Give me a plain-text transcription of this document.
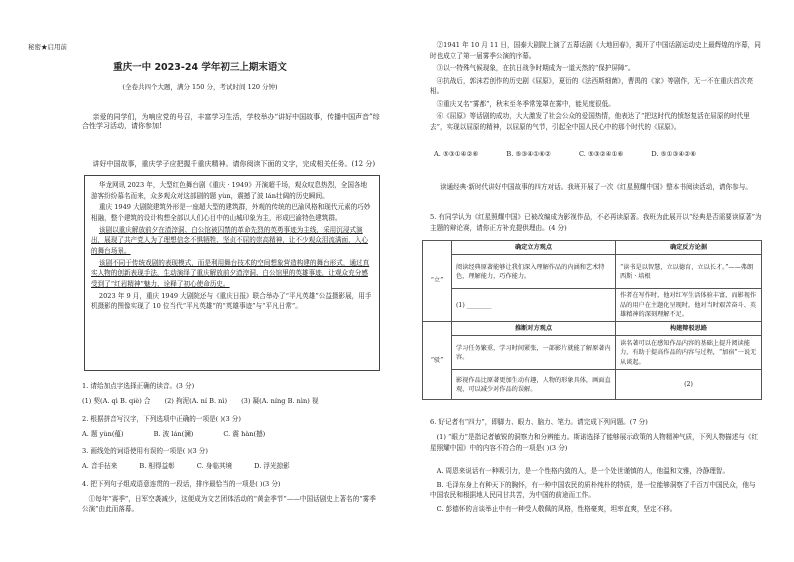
秘密★启用前
重庆一中 2023-24 学年初三上期末语文
(全卷共四个大题，满分 150 分，考试时间 120 分钟)

亲爱的同学们，为响应党的号召，丰富学习生活，学校举办“讲好中国故事，传播中国声音”综合性学习活动，请你参加!

讲好中国故事，重庆学子应把握千重庆精神。请你阅读下面的文字，完成相关任务。(12 分)

华龙网讯 2023 年，大型红色舞台剧《重庆 · 1949》开演超千场，观众叹息热烈，全国各地游客纷纷慕名而来，众多观众对这部剧的题 yùn，震撼了波 lán壮阔的历史瞬间。

重庆 1949 大剧院建筑外形是一座超大型的建筑群，外观的传统的巴渝风格和现代元素的巧妙相融，整个建筑的设计构想全部以人们心目中的山城印象为主，形成巴渝特色建筑群。

该剧以重庆解放前夕在渣滓洞、白公馆被囚禁的革命先烈的英勇事迹为主线，采用沉浸式演出，展现了共产党人为了理想信念不惧牺牲、坚贞不屈的崇高精神，让不少观众泪流满面，入心的舞台场景。

该剧不同于传统戏剧的表现模式，而是利用舞台技术的空间想象营造构建的舞台形式，通过真实人物的创新表现手法，生动演绎了重庆解放前夕渣滓洞、白公馆里的英雄事迹，让观众充分感受到了“红岩精神”魅力，诠释了初心使命历史。

2023 年 9 月，重庆 1949 大剧院还与《重庆日报》联合举办了“平凡英雄”公益摄影展，用手机摄影的图像实现了 10 位当代“平凡英雄”的“英雄事迹”与“平凡日常”。

1. 请给加点字选择正确的读音。(3 分)
(1) 契(A. qì B. qiè) 合 (2) 拘泥(A. ní B. nì) (3) 凝(A. níng B. nìn) 视
2. 根据拼音写汉字，下列选项中正确的一项是( )(3 分)
A. 题 yùn(蕴)	B. 波 lán(澜)	C. 震 hàn(撼)
3. 画线处的词语使用有误的一项是( )(3 分)
A. 音手拈来	B. 相得益彰	C. 身临其境	D. 浮光掠影
4. 把下列句子组成语意连贯的一段话，排序最恰当的一项是( )(3 分)
①每年“赛季”，日军空袭减少，这便成为文艺团体活动的“黄金季节”——中国话剧史上著名的“雾季公演”由此而落幕。
②1941 年 10 月 11 日，国泰大剧院上演了五幕话剧《大地回春》，揭开了中国话剧运动史上最辉煌的序幕，同时也成立了第一届雾季公演的序幕。
③以一特殊气候现象，在抗日战争时期成为一道天然的“保护屏障”。
④抗战后，郭沫若创作的历史剧《屈原》，夏衍的《法西斯细菌》，曹禺的《家》等剧作，无一不在重庆首次亮相。
⑤重庆又名“雾都”，秋末至冬季常笼罩在雾中，能见度很低。
⑥《屈原》等话剧的成功，大大激发了社会公众的爱国热情，他表达了“把这时代的愤怒复活在屈原的时代里去”，实现以屈原的精神，以屈原的气节，引起全中国人民心中的那个时代的《屈原》。
A. ⑤③①④②⑥	B. ⑤③④①⑥②	C. ⑤③②④①⑥	D. ⑤①③④②⑥
读通经典·新时代讲好中国故事的四方对话。我班开展了一次《红星照耀中国》整本书阅读活动，请你参与。
5. 有同学认为《红星照耀中国》已被改编成为影视作品，不必再读原著。我班为此展开以“经典是否需要读原著”为主题的辩论赛，请你正方补充提供理由。(4 分)
“立”	确定立方观点	确定反方论据
	阅读经典原著能够让我们深入理解作品的内涵和艺术特色，理解能力，巧作能力。	“读书是以智慧，立以德育，立以长才。”——弗朗西斯 · 培根
	(1) ________	作者在写作时，他对红军生活体验丰富，而影视作品的用户在主题化呈现时，他对当时艰苦奋斗、英雄精神的深刻理解不足。
“驳”	推断对方观点	构建辩驳思路
	学习任务繁重，学习时间紧张，一部影片就能了解原著内容。	读名著可以在感知作品内容的基础上提升阅读能力，有助于提高作品的内容与过程，“加宿”一说无从谈起。
	影视作品比原著更加生动有趣，人物的形象具体，画面直观，可以减少对作品的误解。	(2)
6. 好记者有“四力”，即脚力、眼力、脑力、笔力。请完成下列问题。(7 分)
(1) “眼力”是指记者敏锐的洞察力和分辨能力。斯诺选择了能够展示政策的人物精神气质，下列人物描述与《红星照耀中国》中的内容不符合的一项是( )(3 分)
A. 周恩来说话有一种吸引力，是一个性格内敛的人，是一个处世谨慎的人，他温和文雅，冷静理智。
B. 毛泽东身上有种天下的胸怀，有一种中国农民的质朴纯朴的特质，是一位能够洞察了千百万中国民众，他与中国农民和根据地人民同甘共苦，为中国的前途而工作。
C. 彭德怀的言谈举止中有一种受人敬佩的风格，性格豪爽，坦率直爽，坚定不移。
